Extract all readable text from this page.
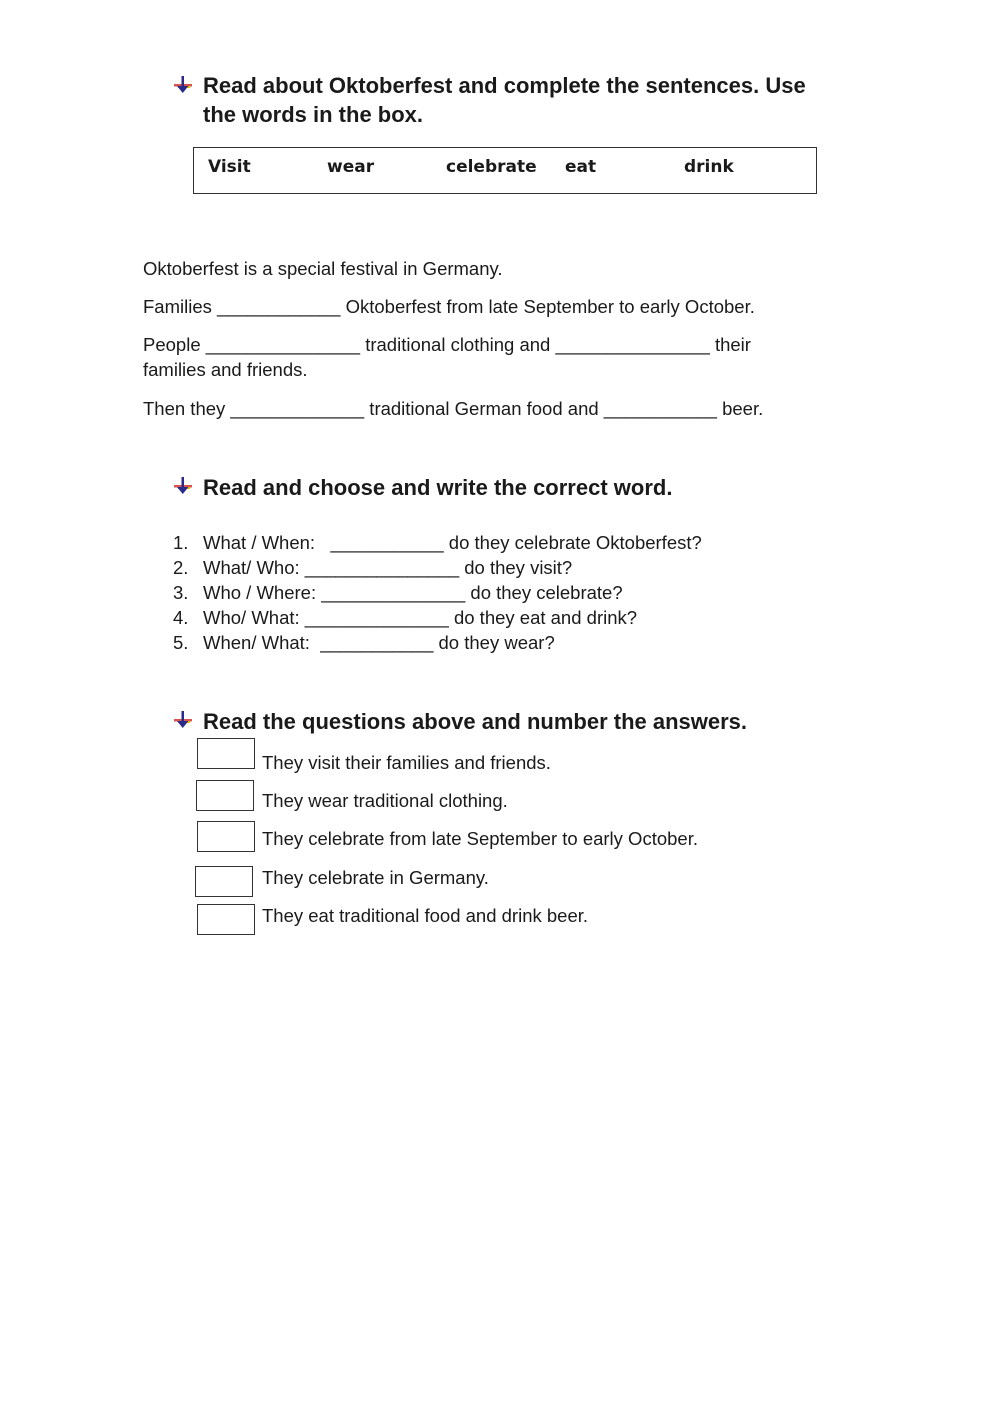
Read about Oktoberfest and complete the sentences. Use
the words in the box.
Visit	wear	celebrate eat	drink
Oktoberfest is a special festival in Germany.
Families ____________ Oktoberfest from late September to early October.
People _______________ traditional clothing and _______________ their
families and friends.
Then they _____________ traditional German food and ___________ beer.
Read and choose and write the correct word.
1. What / When:   ___________ do they celebrate Oktoberfest?
2. What/ Who: _______________ do they visit?
3. Who / Where: ______________ do they celebrate?
4. Who/ What: ______________ do they eat and drink?
5. When/ What:  ___________ do they wear?
Read the questions above and number the answers.
They visit their families and friends.
They wear traditional clothing.
They celebrate from late September to early October.
They celebrate in Germany.
They eat traditional food and drink beer.
